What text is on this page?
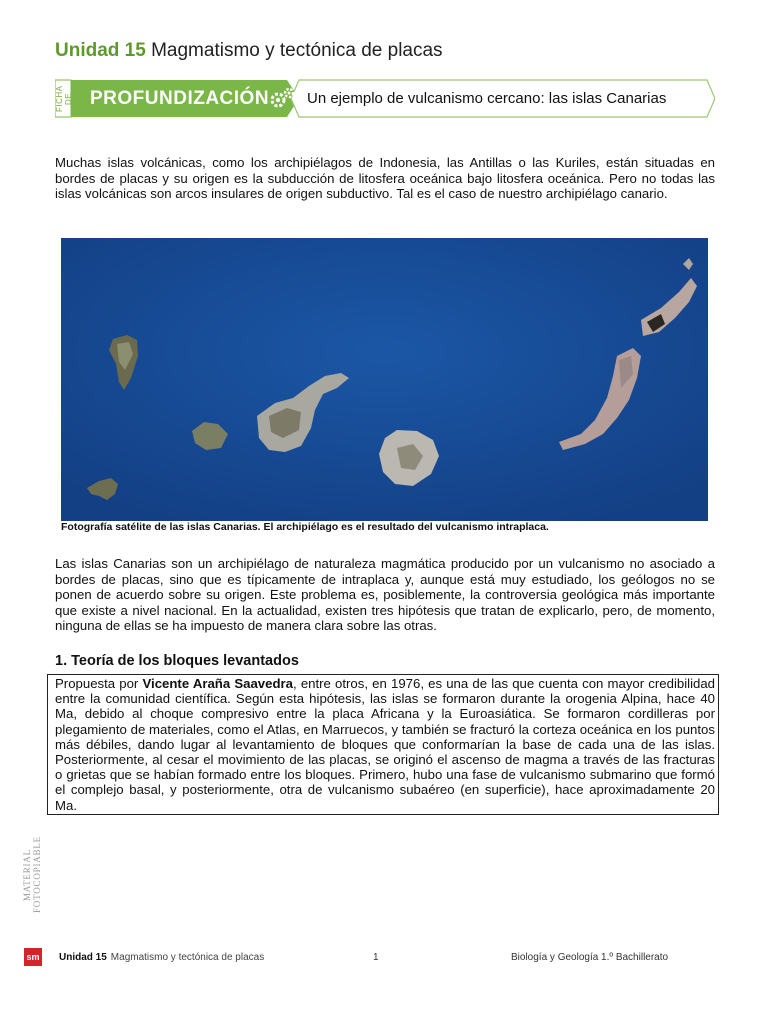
Unidad 15 Magmatismo y tectónica de placas
FICHA DE PROFUNDIZACIÓN	Un ejemplo de vulcanismo cercano: las islas Canarias
Muchas islas volcánicas, como los archipiélagos de Indonesia, las Antillas o las Kuriles, están situadas en bordes de placas y su origen es la subducción de litosfera oceánica bajo litosfera oceánica. Pero no todas las islas volcánicas son arcos insulares de origen subductivo. Tal es el caso de nuestro archipiélago canario.
Fotografía satélite de las islas Canarias. El archipiélago es el resultado del vulcanismo intraplaca.
Las islas Canarias son un archipiélago de naturaleza magmática producido por un vulcanismo no asociado a bordes de placas, sino que es típicamente de intraplaca y, aunque está muy estudiado, los geólogos no se ponen de acuerdo sobre su origen. Este problema es, posiblemente, la controversia geológica más importante que existe a nivel nacional. En la actualidad, existen tres hipótesis que tratan de explicarlo, pero, de momento, ninguna de ellas se ha impuesto de manera clara sobre las otras.
1. Teoría de los bloques levantados
Propuesta por Vicente Araña Saavedra, entre otros, en 1976, es una de las que cuenta con mayor credibilidad entre la comunidad científica. Según esta hipótesis, las islas se formaron durante la orogenia Alpina, hace 40 Ma, debido al choque compresivo entre la placa Africana y la Euroasiática. Se formaron cordilleras por plegamiento de materiales, como el Atlas, en Marruecos, y también se fracturó la corteza oceánica en los puntos más débiles, dando lugar al levantamiento de bloques que conformarían la base de cada una de las islas. Posteriormente, al cesar el movimiento de las placas, se originó el ascenso de magma a través de las fracturas o grietas que se habían formado entre los bloques. Primero, hubo una fase de vulcanismo submarino que formó el complejo basal, y posteriormente, otra de vulcanismo subaéreo (en superficie), hace aproximadamente 20 Ma.
MATERIAL FOTOCOPIABLE
sm Unidad 15 Magmatismo y tectónica de placas	1	Biología y Geología 1.º Bachillerato
